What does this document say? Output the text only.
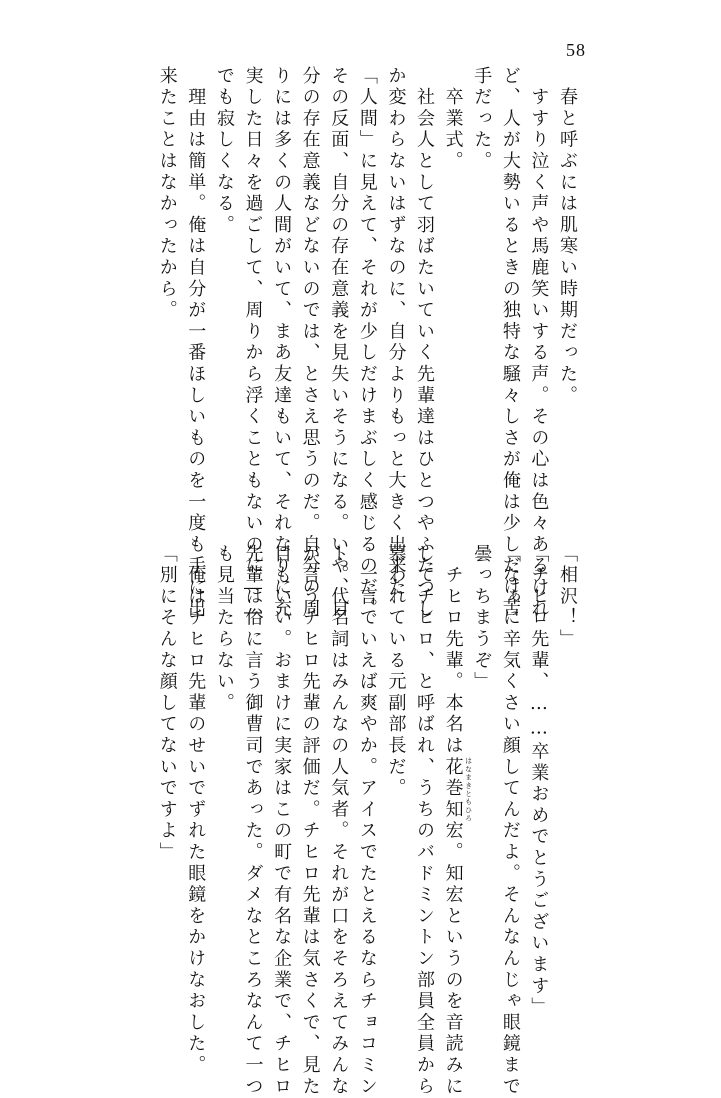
58
　春と呼ぶには肌寒い時期だった。
　すすり泣く声や馬鹿笑いする声。その心は色々あるけれ
ど、人が大勢いるときの独特な騒々しさが俺は少しだけ苦
手だった。
　卒業式。
　社会人として羽ばたいていく先輩達はひとつやふたつし
か変わらないはずなのに、自分よりもっと大きく出来た
「人間」に見えて、それが少しだけまぶしく感じるのだ。
その反面、自分の存在意義を見失いそうになる。いや、自
分の存在意義などないのでは、とさえ思うのだ。自分の周
りには多くの人間がいて、まあ友達もいて、それなりに充
実した日々を過ごして、周りから浮くこともないのに――
でも寂しくなる。
　理由は簡単。俺は自分が一番ほしいものを一度も手に出
来たことはなかったから。
「相沢！」
「チヒロ先輩、……卒業おめでとうございます」
「なぁに辛気くさい顔してんだよ。そんなんじゃ眼鏡まで
曇っちまうぞ」
　チヒロ先輩。本名は花巻知宏 はなまきともひろ
。知宏というのを音読みに
してチヒロ、と呼ばれ、うちのバドミントン部員全員から
慕われている元副部長だ。
　一言でいえば爽やか。アイスでたとえるならチョコミン
ト。代名詞はみんなの人気者。それが口をそろえてみんな
が言うチヒロ先輩の評価だ。チヒロ先輩は気さくで、見た
目もいい。おまけに実家はこの町で有名な企業で、チヒロ
先輩は俗に言う御曹司であった。ダメなところなんて一つ
も見当たらない。
　俺はチヒロ先輩のせいでずれた眼鏡をかけなおした。
「別にそんな顔してないですよ」
